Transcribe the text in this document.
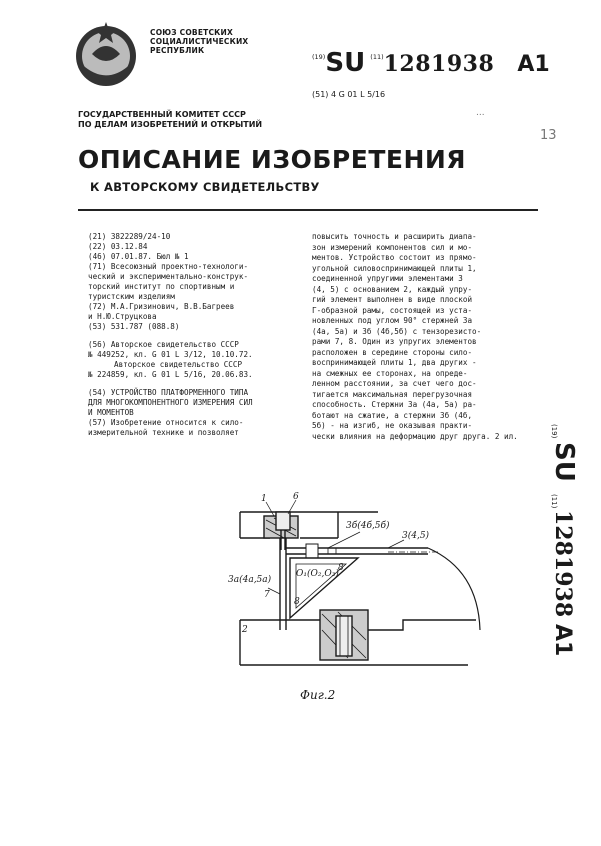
СОЮЗ СОВЕТСКИХ
СОЦИАЛИСТИЧЕСКИХ
РЕСПУБЛИК
$^{(19)}$SU $^{(11)}$1281938 A1
(51) 4 G 01 L 5/16
ГОСУДАРСТВЕННЫЙ КОМИТЕТ СССР
ПО ДЕЛАМ ИЗОБРЕТЕНИЙ И ОТКРЫТИЙ
...
13
ОПИСАНИЕ ИЗОБРЕТЕНИЯ
К АВТОРСКОМУ СВИДЕТЕЛЬСТВУ
(21) 3822289/24-10
(22) 03.12.84
(46) 07.01.87. Бюл № 1
(71) Всесоюзный проектно-технологи-
ческий и экспериментально-конструк-
торский институт по спортивным и
туристским изделиям
(72) М.А.Гризинович, В.В.Багреев
и Н.Ю.Струцкова
(53) 531.787 (088.8)
(56) Авторское свидетельство СССР
№ 449252, кл. G 01 L 3/12, 10.10.72.
Авторское свидетельство СССР
№ 224859, кл. G 01 L 5/16, 20.06.83.
(54) УСТРОЙСТВО ПЛАТФОРМЕННОГО ТИПА
ДЛЯ МНОГОКОМПОНЕНТНОГО ИЗМЕРЕНИЯ СИЛ
И МОМЕНТОВ
(57) Изобретение относится к сило-
измерительной технике и позволяет
повысить точность и расширить диапа-
зон измерений компонентов сил и мо-
ментов. Устройство состоит из прямо-
угольной силовоспринимающей плиты 1,
соединенной упругими элементами 3
(4, 5) с основанием 2, каждый упру-
гий элемент выполнен в виде плоской
Г-образной рамы, состоящей из уста-
новленных под углом 90° стержней 3а
(4а, 5а) и 3б (4б,5б) с тензорезисто-
рами 7, 8. Один из упругих элементов
расположен в середине стороны сило-
воспринимающей плиты 1, два других -
на смежных ее сторонах, на опреде-
ленном расстоянии, за счет чего дос-
тигается максимальная перегрузочная
способность. Стержни 3а (4а, 5а) ра-
ботают на сжатие, а стержни 3б (4б,
5б) - на изгиб, не оказывая практи-
чески влияния на деформацию друг друга. 2 ил.	(19)
SU
(11)
1281938
A1
1	6
3б(4б,5б)
3(4,5)
3а(4а,5а)
O₁(O₂,O₃)
8
7
8
2
Фиг.2
